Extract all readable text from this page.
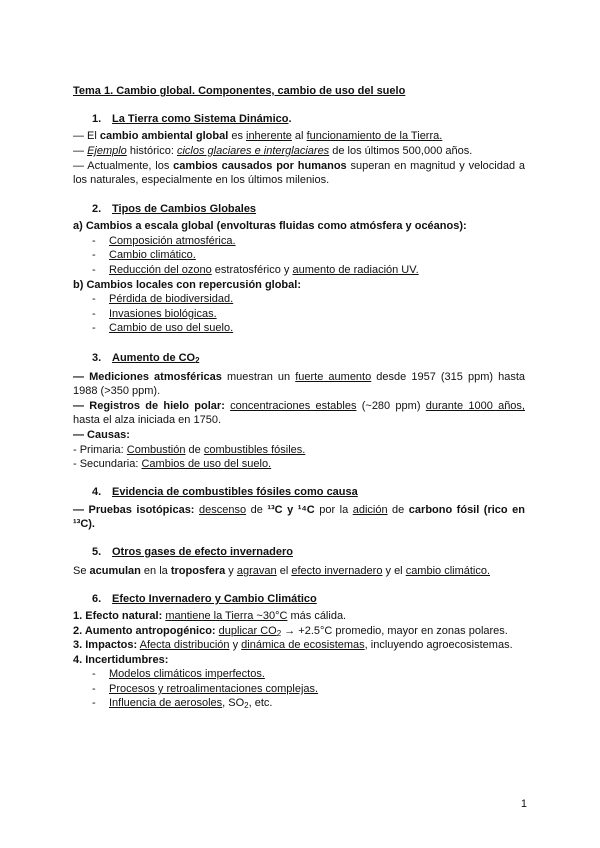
Tema 1. Cambio global. Componentes, cambio de uso del suelo
1. La Tierra como Sistema Dinámico.
— El cambio ambiental global es inherente al funcionamiento de la Tierra.
— Ejemplo histórico: ciclos glaciares e interglaciares de los últimos 500,000 años.
— Actualmente, los cambios causados por humanos superan en magnitud y velocidad a los naturales, especialmente en los últimos milenios.
2. Tipos de Cambios Globales
a) Cambios a escala global (envolturas fluidas como atmósfera y océanos):
- Composición atmosférica.
- Cambio climático.
- Reducción del ozono estratosférico y aumento de radiación UV.
b) Cambios locales con repercusión global:
- Pérdida de biodiversidad.
- Invasiones biológicas.
- Cambio de uso del suelo.
3. Aumento de $CO_2$
— Mediciones atmosféricas muestran un fuerte aumento desde 1957 (315 ppm) hasta 1988 (>350 ppm).
— Registros de hielo polar: concentraciones estables (~280 ppm) durante 1000 años, hasta el alza iniciada en 1750.
— Causas:
- Primaria: Combustión de combustibles fósiles.
- Secundaria: Cambios de uso del suelo.
4. Evidencia de combustibles fósiles como causa
— Pruebas isotópicas: descenso de ¹³C y ¹⁴C por la adición de carbono fósil (rico en ¹³C).
5. Otros gases de efecto invernadero
Se acumulan en la troposfera y agravan el efecto invernadero y el cambio climático.
6. Efecto Invernadero y Cambio Climático
1. Efecto natural: mantiene la Tierra ~30°C más cálida.
2. Aumento antropogénico: duplicar $CO_2 \to +2.5^\circ C$ promedio, mayor en zonas polares.
3. Impactos: Afecta distribución y dinámica de ecosistemas, incluyendo agroecosistemas.
4. Incertidumbres:
- Modelos climáticos imperfectos.
- Procesos y retroalimentaciones complejas.
- Influencia de aerosoles, $SO_2$, etc.
1
